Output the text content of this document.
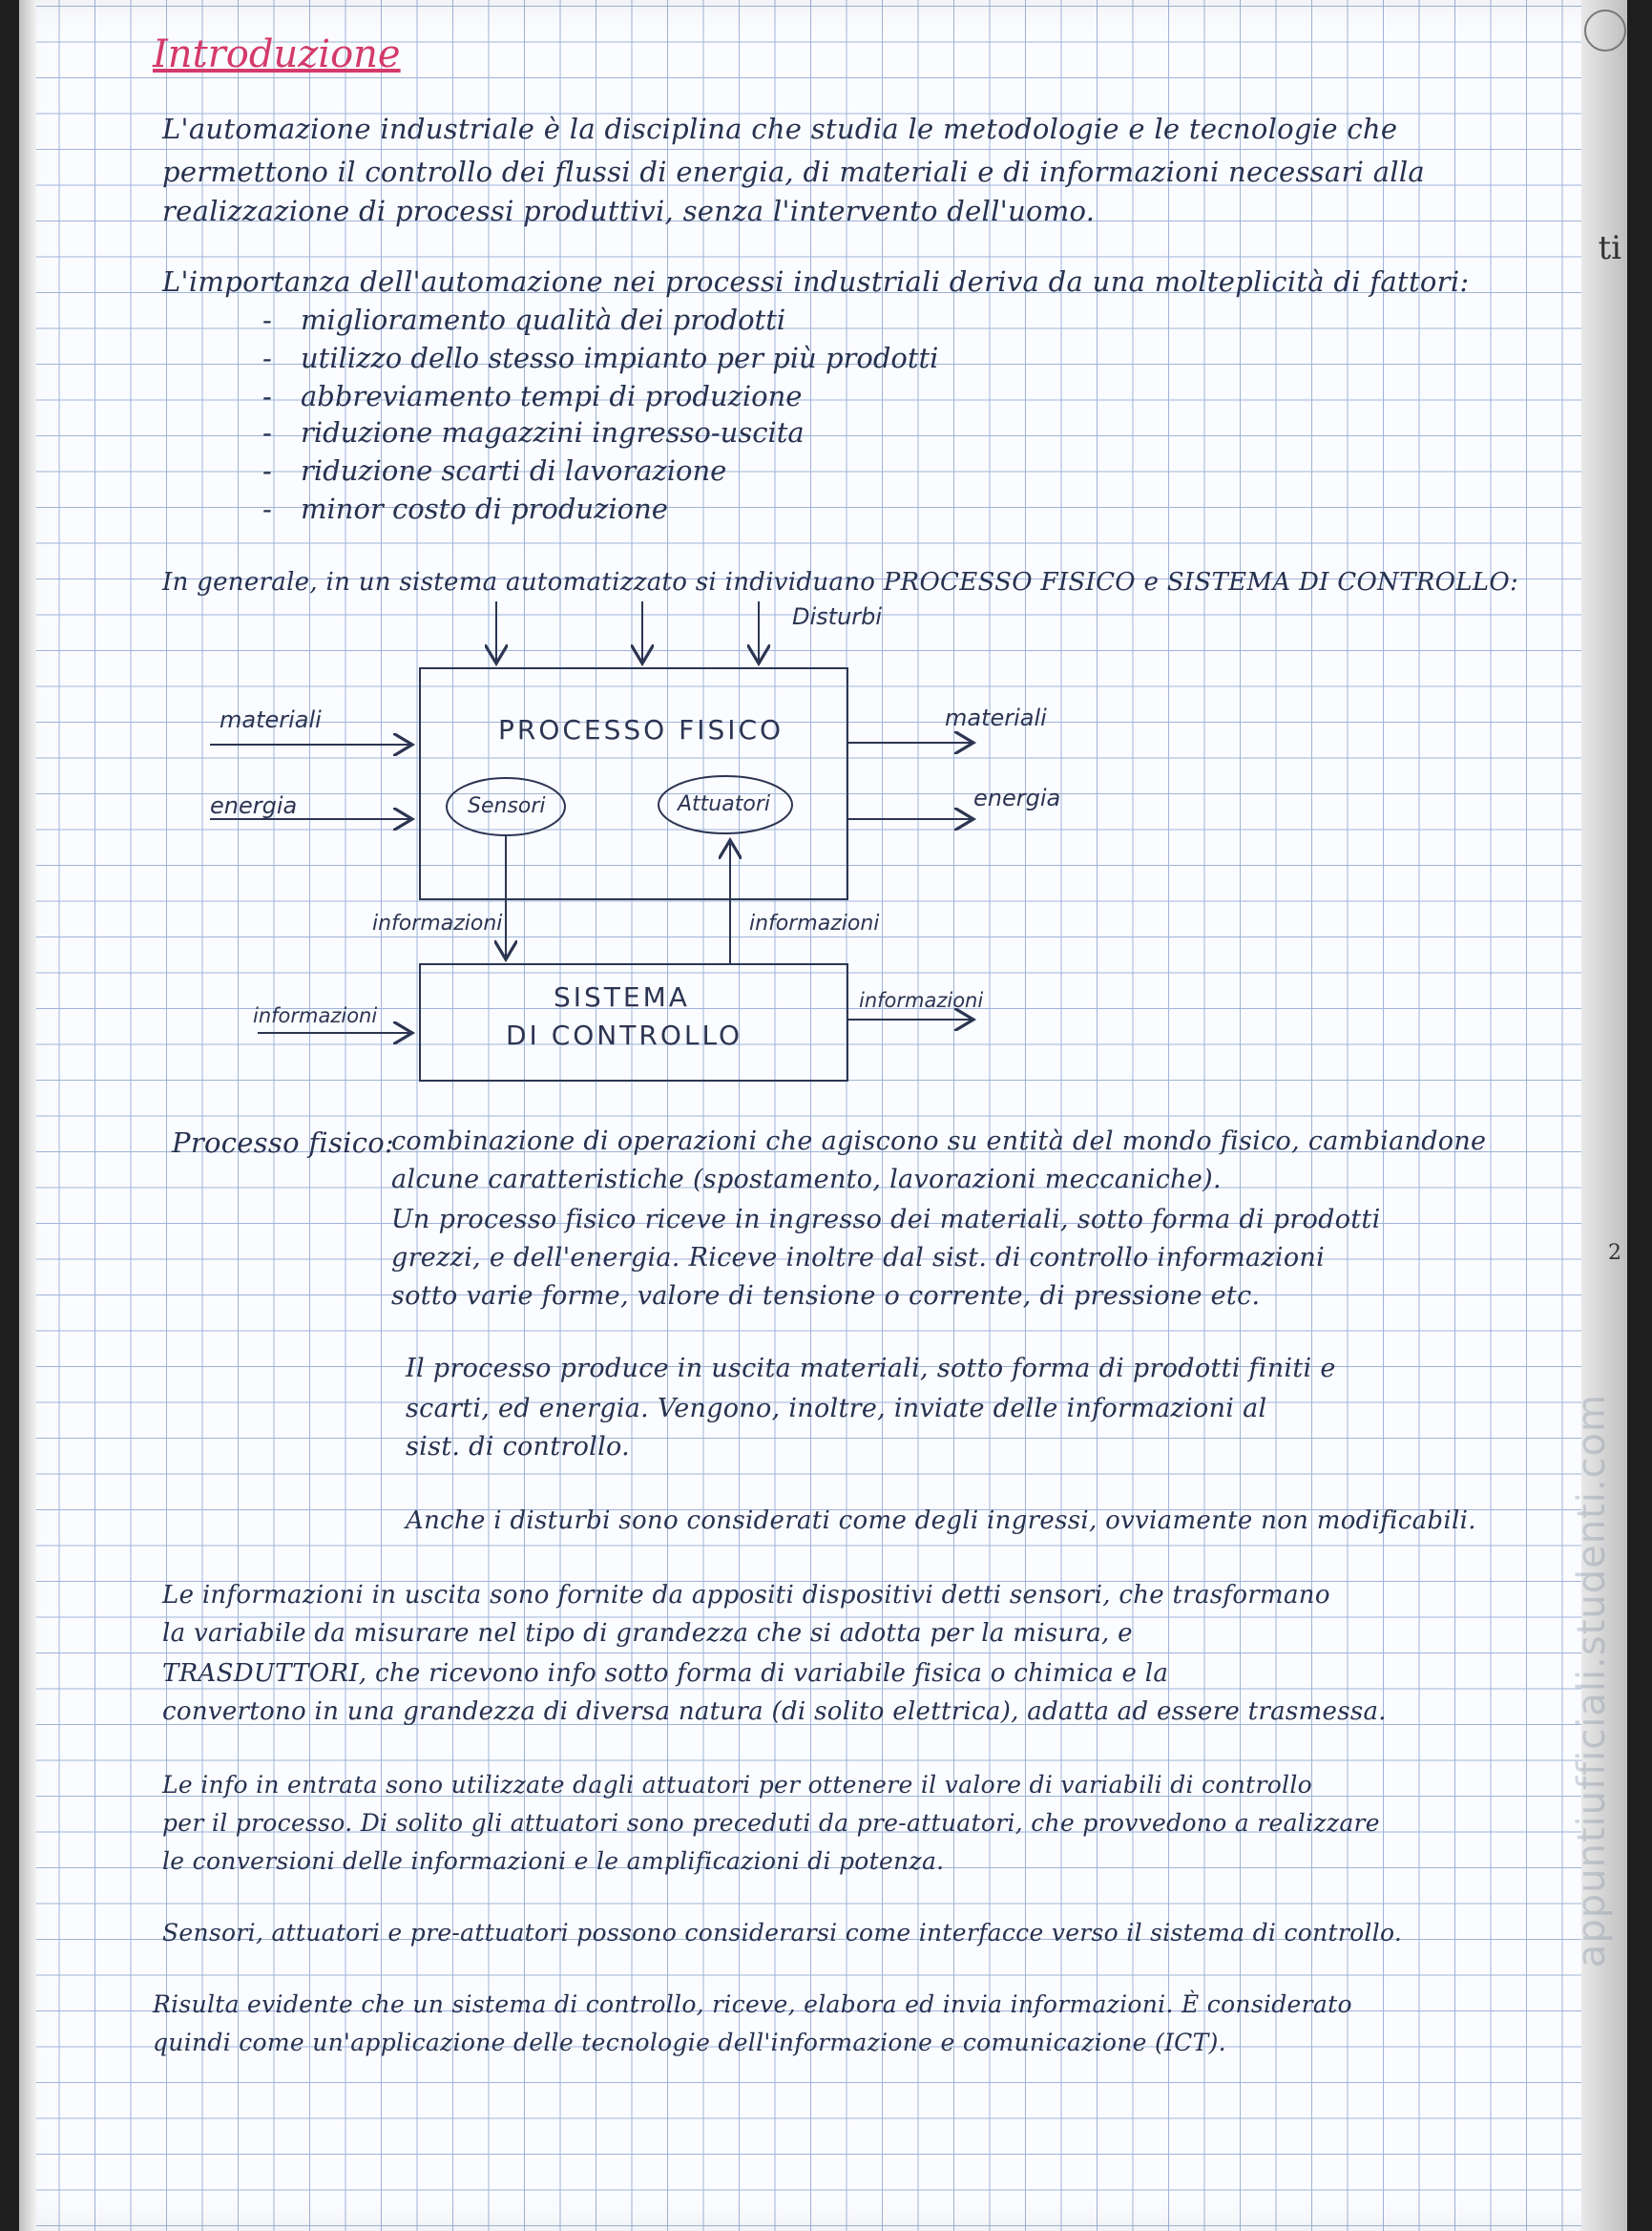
ti
2
Introduzione
L'automazione industriale è la disciplina che studia le metodologie e le tecnologie che
permettono il controllo dei flussi di energia, di materiali e di informazioni necessari alla
realizzazione di processi produttivi, senza l'intervento dell'uomo.
L'importanza dell'automazione nei processi industriali deriva da una molteplicità di fattori:
- miglioramento qualità dei prodotti
- utilizzo dello stesso impianto per più prodotti
- abbreviamento tempi di produzione
- riduzione magazzini ingresso-uscita
- riduzione scarti di lavorazione
- minor costo di produzione
In generale, in un sistema automatizzato si individuano PROCESSO FISICO e SISTEMA DI CONTROLLO:
Disturbi
PROCESSO FISICO
Sensori	Attuatori
SISTEMA
DI CONTROLLO
materiali
energia
materiali
energia
informazioni	informazioni
informazioni
informazioni
Processo fisico:
combinazione di operazioni che agiscono su entità del mondo fisico, cambiandone
alcune caratteristiche (spostamento, lavorazioni meccaniche).
Un processo fisico riceve in ingresso dei materiali, sotto forma di prodotti
grezzi, e dell'energia. Riceve inoltre dal sist. di controllo informazioni
sotto varie forme, valore di tensione o corrente, di pressione etc.
Il processo produce in uscita materiali, sotto forma di prodotti finiti e
scarti, ed energia. Vengono, inoltre, inviate delle informazioni al
sist. di controllo.
Anche i disturbi sono considerati come degli ingressi, ovviamente non modificabili.
Le informazioni in uscita sono fornite da appositi dispositivi detti sensori, che trasformano
la variabile da misurare nel tipo di grandezza che si adotta per la misura, e
TRASDUTTORI, che ricevono info sotto forma di variabile fisica o chimica e la
convertono in una grandezza di diversa natura (di solito elettrica), adatta ad essere trasmessa.
Le info in entrata sono utilizzate dagli attuatori per ottenere il valore di variabili di controllo
per il processo. Di solito gli attuatori sono preceduti da pre-attuatori, che provvedono a realizzare
le conversioni delle informazioni e le amplificazioni di potenza.
Sensori, attuatori e pre-attuatori possono considerarsi come interfacce verso il sistema di controllo.
Risulta evidente che un sistema di controllo, riceve, elabora ed invia informazioni. È considerato
quindi come un'applicazione delle tecnologie dell'informazione e comunicazione (ICT).
appuntiufficiali.studenti.com
